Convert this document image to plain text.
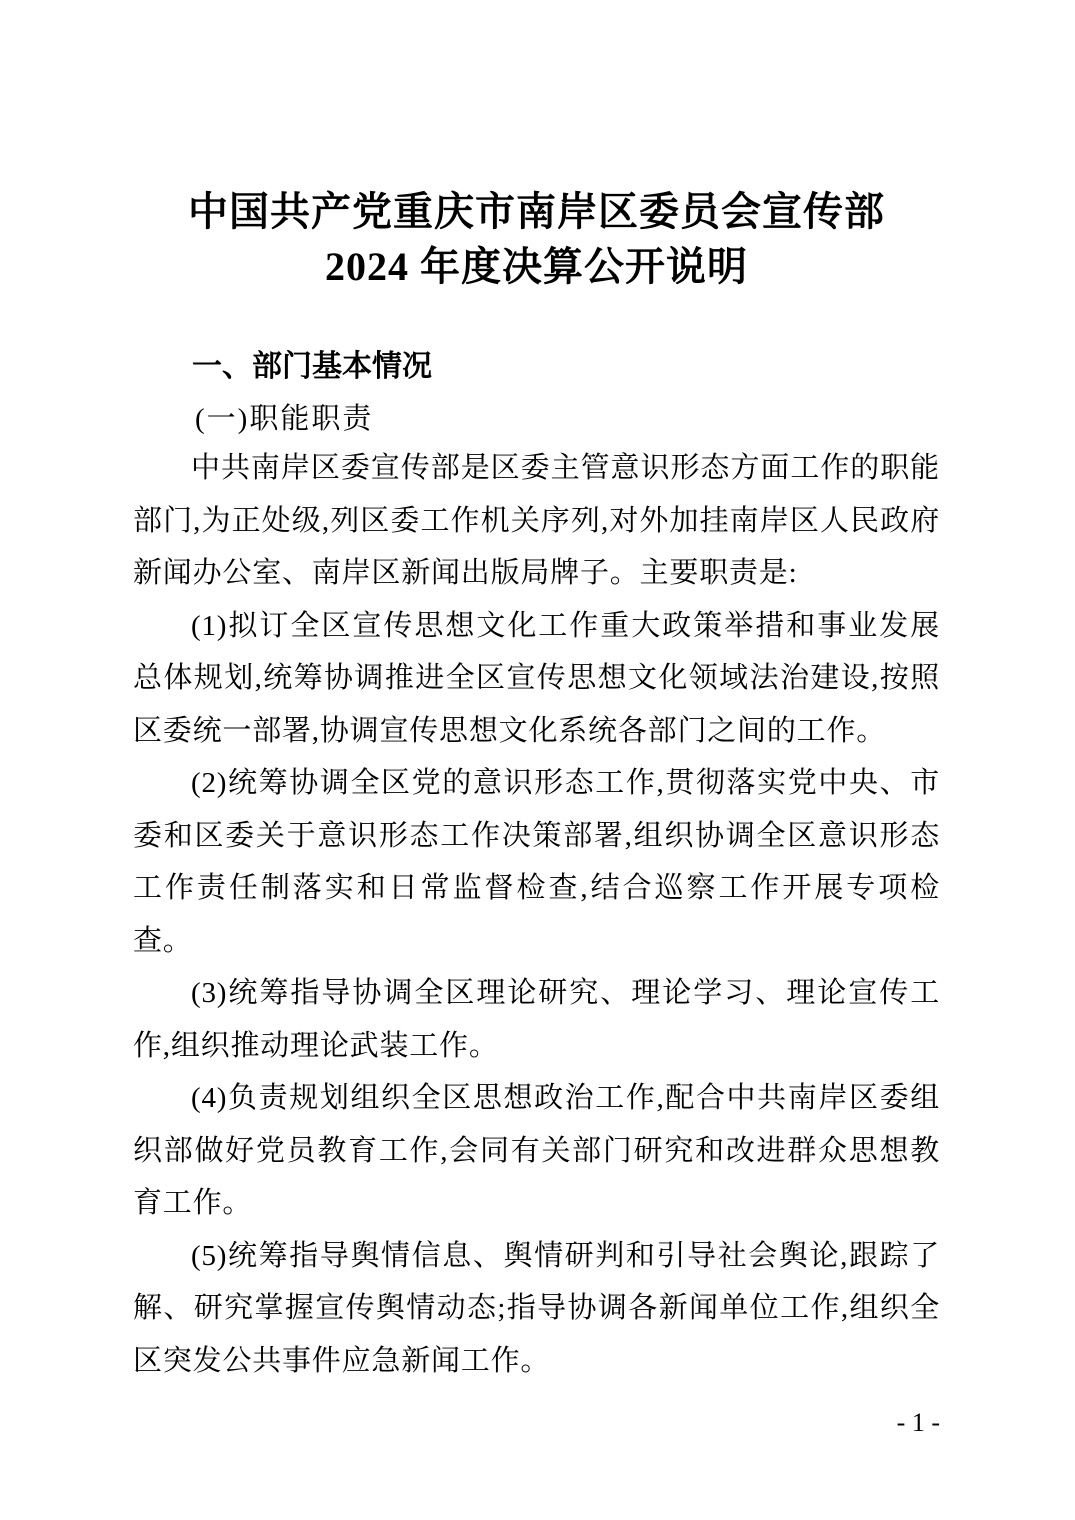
中国共产党重庆市南岸区委员会宣传部
2024 年度决算公开说明
一、部门基本情况
(一)职能职责

中共南岸区委宣传部是区委主管意识形态方面工作的职能部门,为正处级,列区委工作机关序列,对外加挂南岸区人民政府新闻办公室、南岸区新闻出版局牌子。主要职责是:

(1)拟订全区宣传思想文化工作重大政策举措和事业发展总体规划,统筹协调推进全区宣传思想文化领域法治建设,按照区委统一部署,协调宣传思想文化系统各部门之间的工作。

(2)统筹协调全区党的意识形态工作,贯彻落实党中央、市委和区委关于意识形态工作决策部署,组织协调全区意识形态工作责任制落实和日常监督检查,结合巡察工作开展专项检查。

(3)统筹指导协调全区理论研究、理论学习、理论宣传工作,组织推动理论武装工作。

(4)负责规划组织全区思想政治工作,配合中共南岸区委组织部做好党员教育工作,会同有关部门研究和改进群众思想教育工作。

(5)统筹指导舆情信息、舆情研判和引导社会舆论,跟踪了解、研究掌握宣传舆情动态;指导协调各新闻单位工作,组织全区突发公共事件应急新闻工作。

- 1 -
